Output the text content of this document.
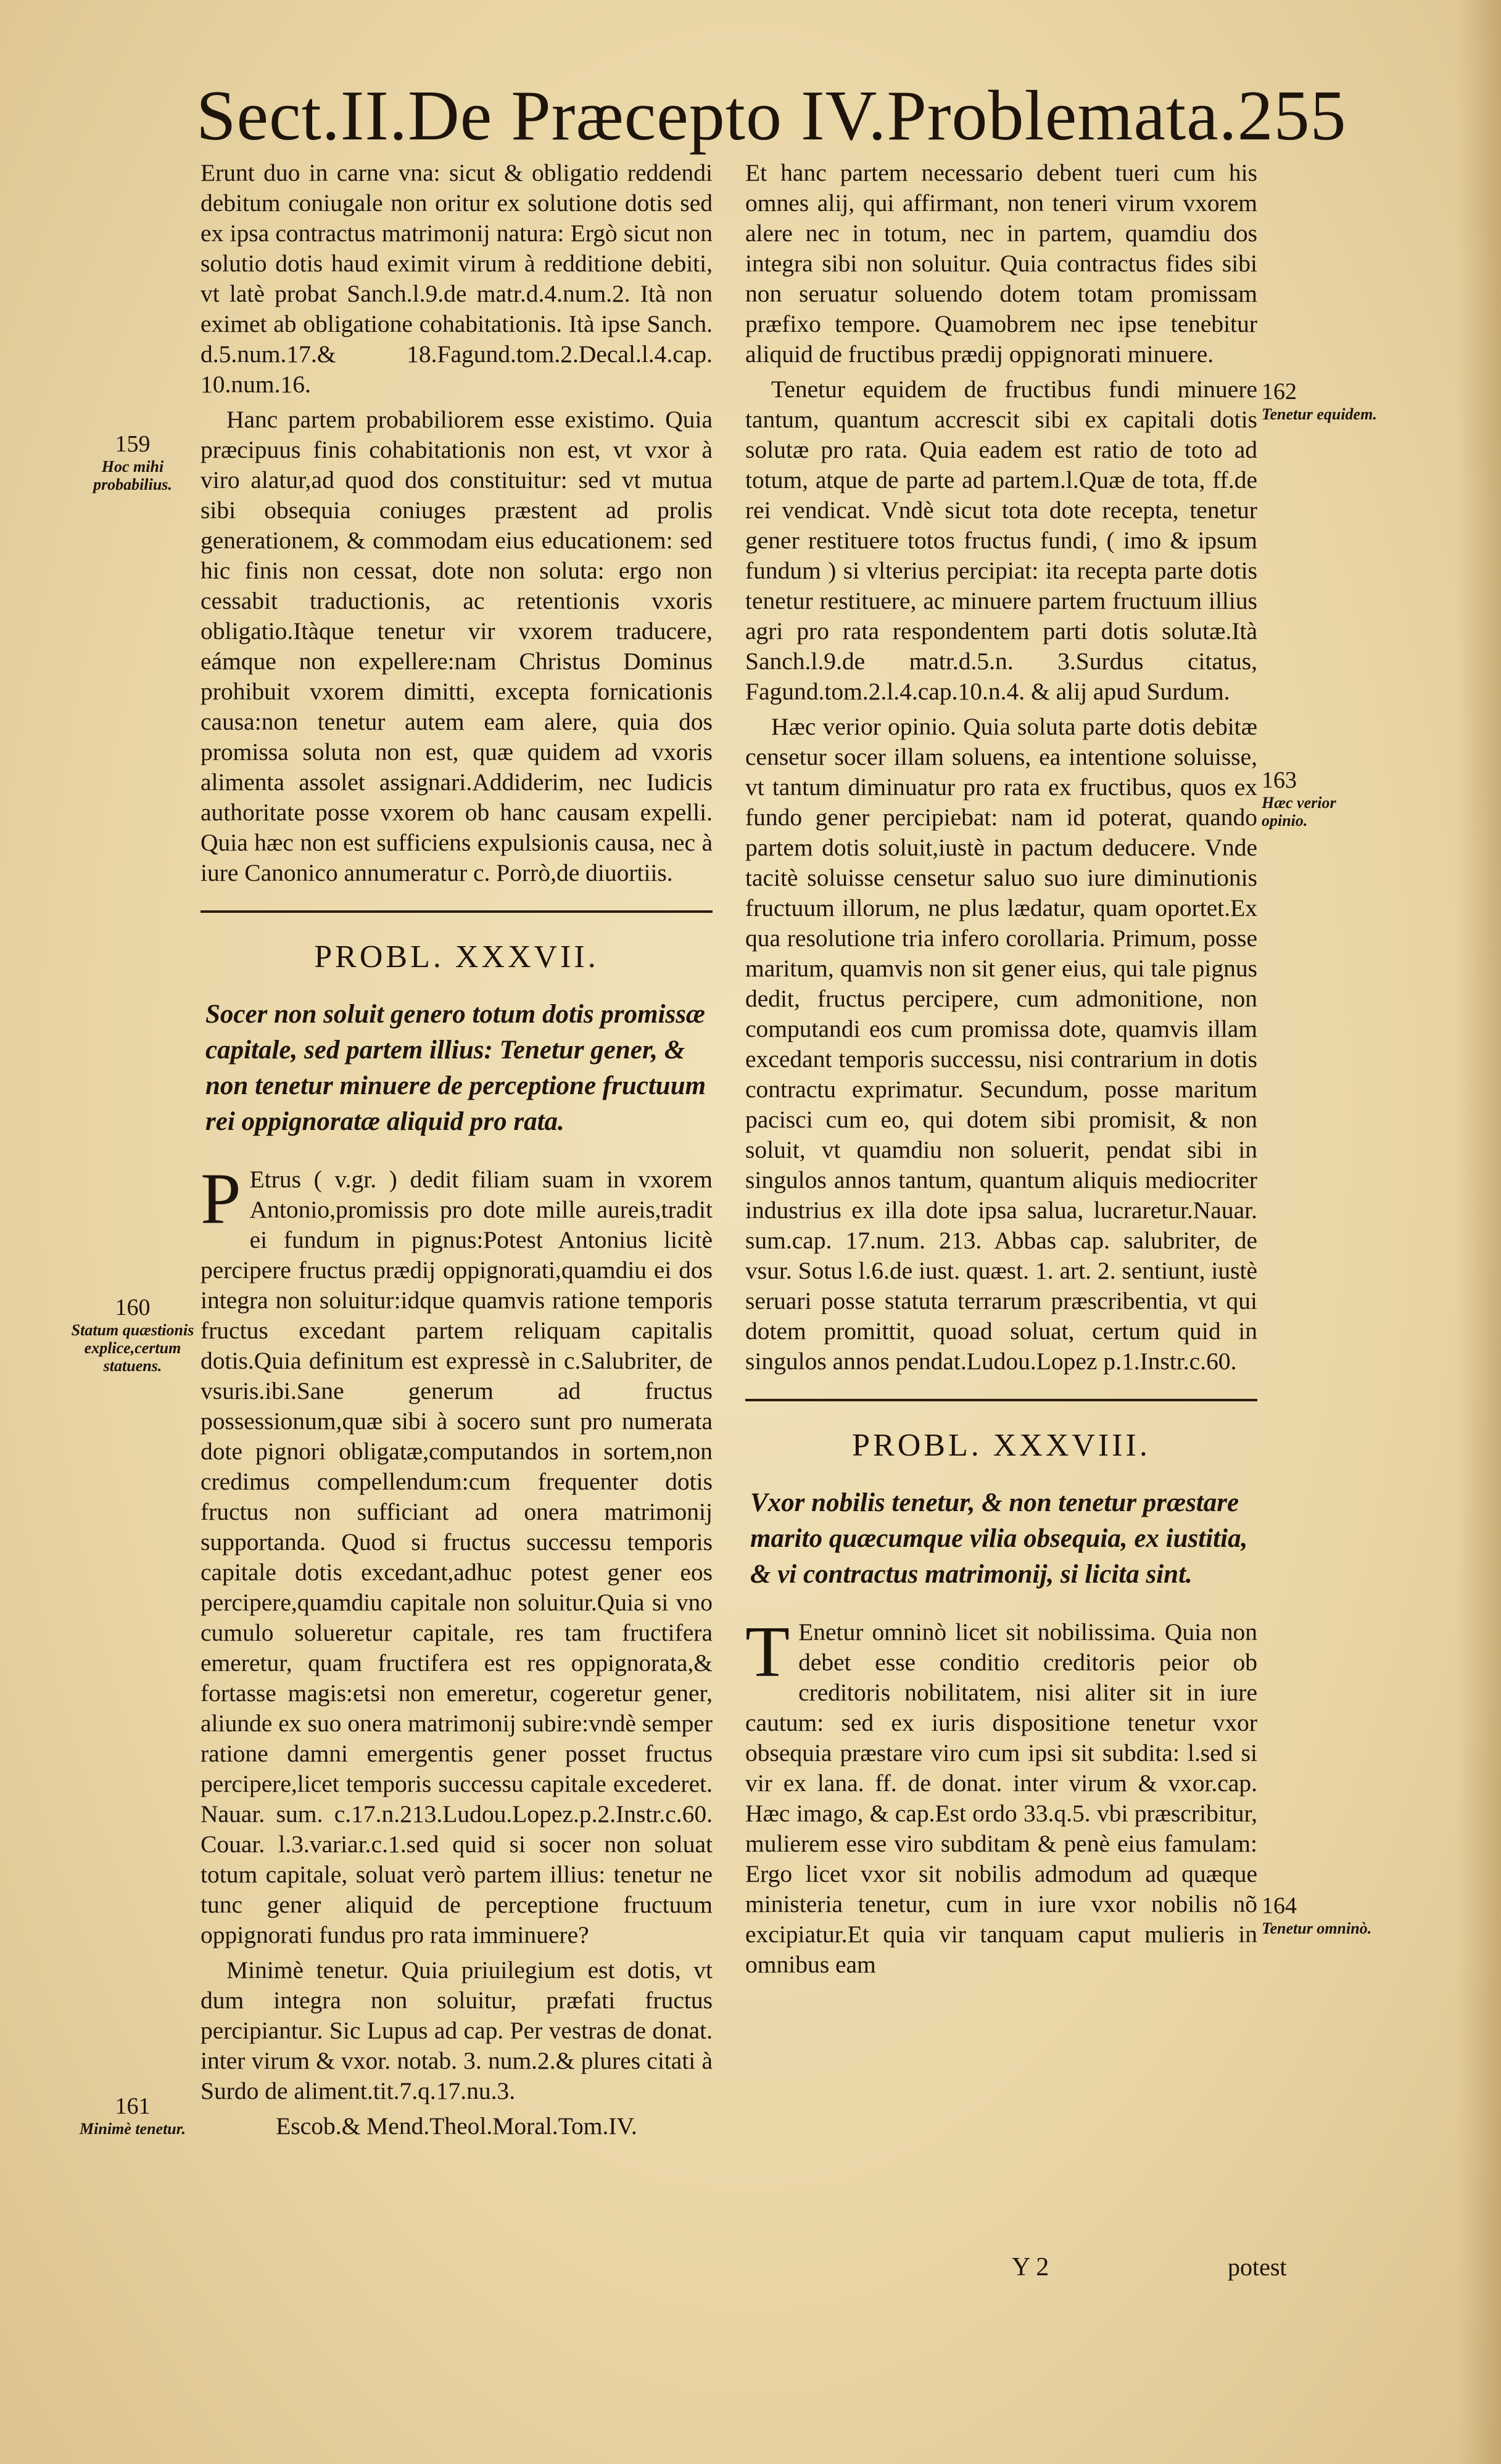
Sect.II.De Præcepto IV.Problemata.255

Erunt duo in carne vna: sicut & obligatio reddendi debitum coniugale non oritur ex solutione dotis sed ex ipsa contractus matrimonij natura: Ergò sicut non solutio dotis haud eximit virum à redditione debiti, vt latè probat Sanch.l.9.de matr.d.4.num.2. Ità non eximet ab obligatione cohabitationis. Ità ipse Sanch. d.5.num.17.& 18.Fagund.tom.2.Decal.l.4.cap. 10.num.16.

Hanc partem probabiliorem esse existimo. Quia præcipuus finis cohabitationis non est, vt vxor à viro alatur,ad quod dos constituitur: sed vt mutua sibi obsequia coniuges præstent ad prolis generationem, & commodam eius educationem: sed hic finis non cessat, dote non soluta: ergo non cessabit traductionis, ac retentionis vxoris obligatio.Itàque tenetur vir vxorem traducere, eámque non expellere:nam Christus Dominus prohibuit vxorem dimitti, excepta fornicationis causa:non tenetur autem eam alere, quia dos promissa soluta non est, quæ quidem ad vxoris alimenta assolet assignari.Addiderim, nec Iudicis authoritate posse vxorem ob hanc causam expelli. Quia hæc non est sufficiens expulsionis causa, nec à iure Canonico annumeratur c. Porrò,de diuortiis.

PROBL. XXXVII.
Socer non soluit genero totum dotis promissæ capitale, sed partem illius: Tenetur gener, & non tenetur minuere de perceptione fructuum rei oppignoratæ aliquid pro rata.

P Etrus ( v.gr. ) dedit filiam suam in vxorem Antonio,promissis pro dote mille aureis,tradit ei fundum in pignus:Potest Antonius licitè percipere fructus prædij oppignorati,quamdiu ei dos integra non soluitur:idque quamvis ratione temporis fructus excedant partem reliquam capitalis dotis.Quia definitum est expressè in c.Salubriter, de vsuris.ibi.Sane generum ad fructus possessionum,quæ sibi à socero sunt pro numerata dote pignori obligatæ,computandos in sortem,non credimus compellendum:cum frequenter dotis fructus non sufficiant ad onera matrimonij supportanda. Quod si fructus successu temporis capitale dotis excedant,adhuc potest gener eos percipere,quamdiu capitale non soluitur.Quia si vno cumulo solueretur capitale, res tam fructifera emeretur, quam fructifera est res oppignorata,& fortasse magis:etsi non emeretur, cogeretur gener, aliunde ex suo onera matrimonij subire:vndè semper ratione damni emergentis gener posset fructus percipere,licet temporis successu capitale excederet. Nauar. sum. c.17.n.213.Ludou.Lopez.p.2.Instr.c.60. Couar. l.3.variar.c.1.sed quid si socer non soluat totum capitale, soluat verò partem illius: tenetur ne tunc gener aliquid de perceptione fructuum oppignorati fundus pro rata imminuere?

Minimè tenetur. Quia priuilegium est dotis, vt dum integra non soluitur, præfati fructus percipiantur. Sic Lupus ad cap. Per vestras de donat. inter virum & vxor. notab. 3. num.2.& plures citati à Surdo de aliment.tit.7.q.17.nu.3.

Escob.& Mend.Theol.Moral.Tom.IV.

Et hanc partem necessario debent tueri cum his omnes alij, qui affirmant, non teneri virum vxorem alere nec in totum, nec in partem, quamdiu dos integra sibi non soluitur. Quia contractus fides sibi non seruatur soluendo dotem totam promissam præfixo tempore. Quamobrem nec ipse tenebitur aliquid de fructibus prædij oppignorati minuere.

Tenetur equidem de fructibus fundi minuere tantum, quantum accrescit sibi ex capitali dotis solutæ pro rata. Quia eadem est ratio de toto ad totum, atque de parte ad partem.l.Quæ de tota, ff.de rei vendicat. Vndè sicut tota dote recepta, tenetur gener restituere totos fructus fundi, ( imo & ipsum fundum ) si vlterius percipiat: ita recepta parte dotis tenetur restituere, ac minuere partem fructuum illius agri pro rata respondentem parti dotis solutæ.Ità Sanch.l.9.de matr.d.5.n. 3.Surdus citatus, Fagund.tom.2.l.4.cap.10.n.4. & alij apud Surdum.

Hæc verior opinio. Quia soluta parte dotis debitæ censetur socer illam soluens, ea intentione soluisse, vt tantum diminuatur pro rata ex fructibus, quos ex fundo gener percipiebat: nam id poterat, quando partem dotis soluit,iustè in pactum deducere. Vnde tacitè soluisse censetur saluo suo iure diminutionis fructuum illorum, ne plus lædatur, quam oportet.Ex qua resolutione tria infero corollaria. Primum, posse maritum, quamvis non sit gener eius, qui tale pignus dedit, fructus percipere, cum admonitione, non computandi eos cum promissa dote, quamvis illam excedant temporis successu, nisi contrarium in dotis contractu exprimatur. Secundum, posse maritum pacisci cum eo, qui dotem sibi promisit, & non soluit, vt quamdiu non soluerit, pendat sibi in singulos annos tantum, quantum aliquis mediocriter industrius ex illa dote ipsa salua, lucraretur.Nauar. sum.cap. 17.num. 213. Abbas cap. salubriter, de vsur. Sotus l.6.de iust. quæst. 1. art. 2. sentiunt, iustè seruari posse statuta terrarum præscribentia, vt qui dotem promittit, quoad soluat, certum quid in singulos annos pendat.Ludou.Lopez p.1.Instr.c.60.

PROBL. XXXVIII.
Vxor nobilis tenetur, & non tenetur præstare marito quæcumque vilia obsequia, ex iustitia, & vi contractus matrimonij, si licita sint.

T Enetur omninò licet sit nobilissima. Quia non debet esse conditio creditoris peior ob creditoris nobilitatem, nisi aliter sit in iure cautum: sed ex iuris dispositione tenetur vxor obsequia præstare viro cum ipsi sit subdita: l.sed si vir ex lana. ff. de donat. inter virum & vxor.cap. Hæc imago, & cap.Est ordo 33.q.5. vbi præscribitur, mulierem esse viro subditam & penè eius famulam: Ergo licet vxor sit nobilis admodum ad quæque ministeria tenetur, cum in iure vxor nobilis nõ excipiatur.Et quia vir tanquam caput mulieris in omnibus eam

Y 2	potest
159
Hoc mihi probabilius.
160
Statum quæstionis explice,certum statuens.
161
Minimè tenetur.
162
Tenetur equidem.
163
Hæc verior opinio.
164
Tenetur omninò.
